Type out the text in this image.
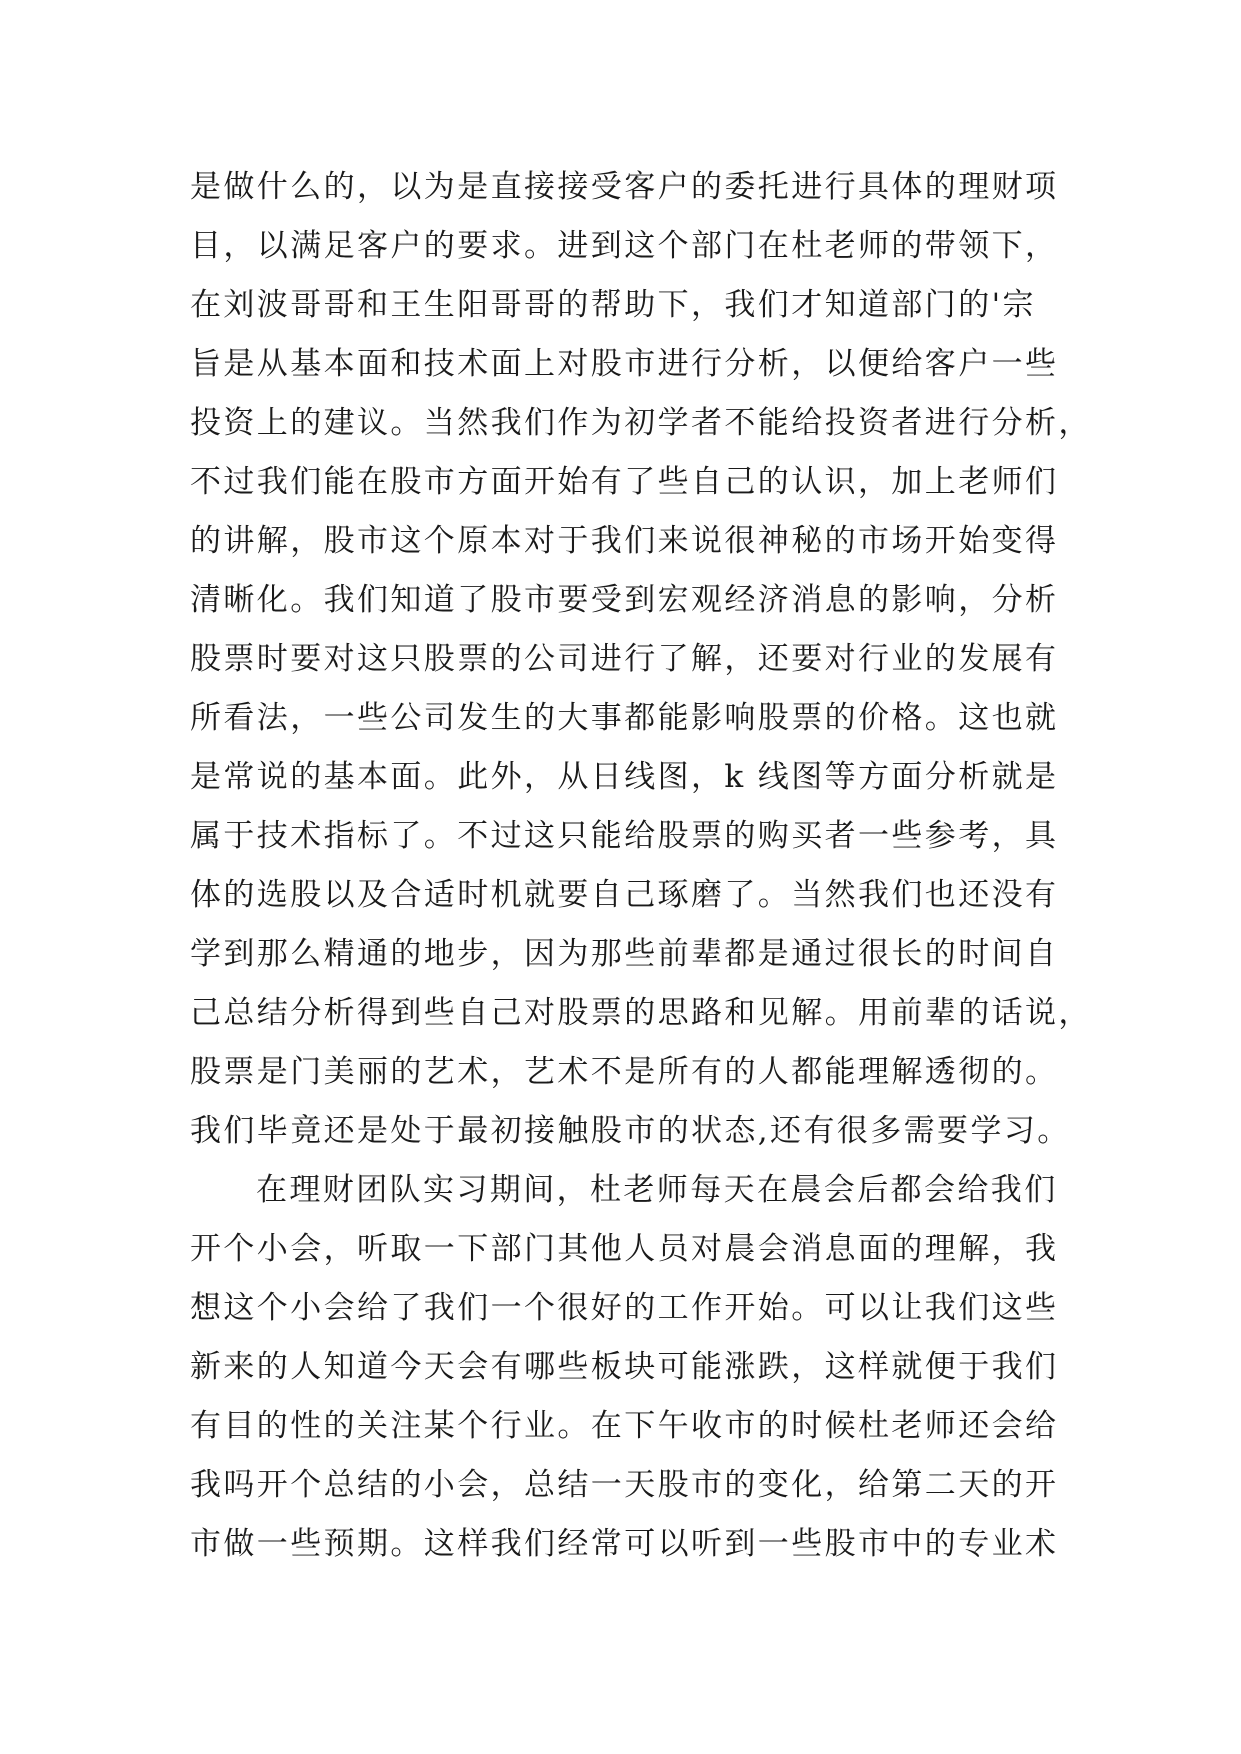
是做什么的，以为是直接接受客户的委托进行具体的理财项
目，以满足客户的要求。进到这个部门在杜老师的带领下，
在刘波哥哥和王生阳哥哥的帮助下，我们才知道部门的'宗
旨是从基本面和技术面上对股市进行分析，以便给客户一些
投资上的建议。当然我们作为初学者不能给投资者进行分析，
不过我们能在股市方面开始有了些自己的认识，加上老师们
的讲解，股市这个原本对于我们来说很神秘的市场开始变得
清晰化。我们知道了股市要受到宏观经济消息的影响，分析
股票时要对这只股票的公司进行了解，还要对行业的发展有
所看法，一些公司发生的大事都能影响股票的价格。这也就
是常说的基本面。此外，从日线图，k 线图等方面分析就是
属于技术指标了。不过这只能给股票的购买者一些参考，具
体的选股以及合适时机就要自己琢磨了。当然我们也还没有
学到那么精通的地步，因为那些前辈都是通过很长的时间自
己总结分析得到些自己对股票的思路和见解。用前辈的话说，
股票是门美丽的艺术，艺术不是所有的人都能理解透彻的。
我们毕竟还是处于最初接触股市的状态,还有很多需要学习。
在理财团队实习期间，杜老师每天在晨会后都会给我们
开个小会，听取一下部门其他人员对晨会消息面的理解，我
想这个小会给了我们一个很好的工作开始。可以让我们这些
新来的人知道今天会有哪些板块可能涨跌，这样就便于我们
有目的性的关注某个行业。在下午收市的时候杜老师还会给
我吗开个总结的小会，总结一天股市的变化，给第二天的开
市做一些预期。这样我们经常可以听到一些股市中的专业术
